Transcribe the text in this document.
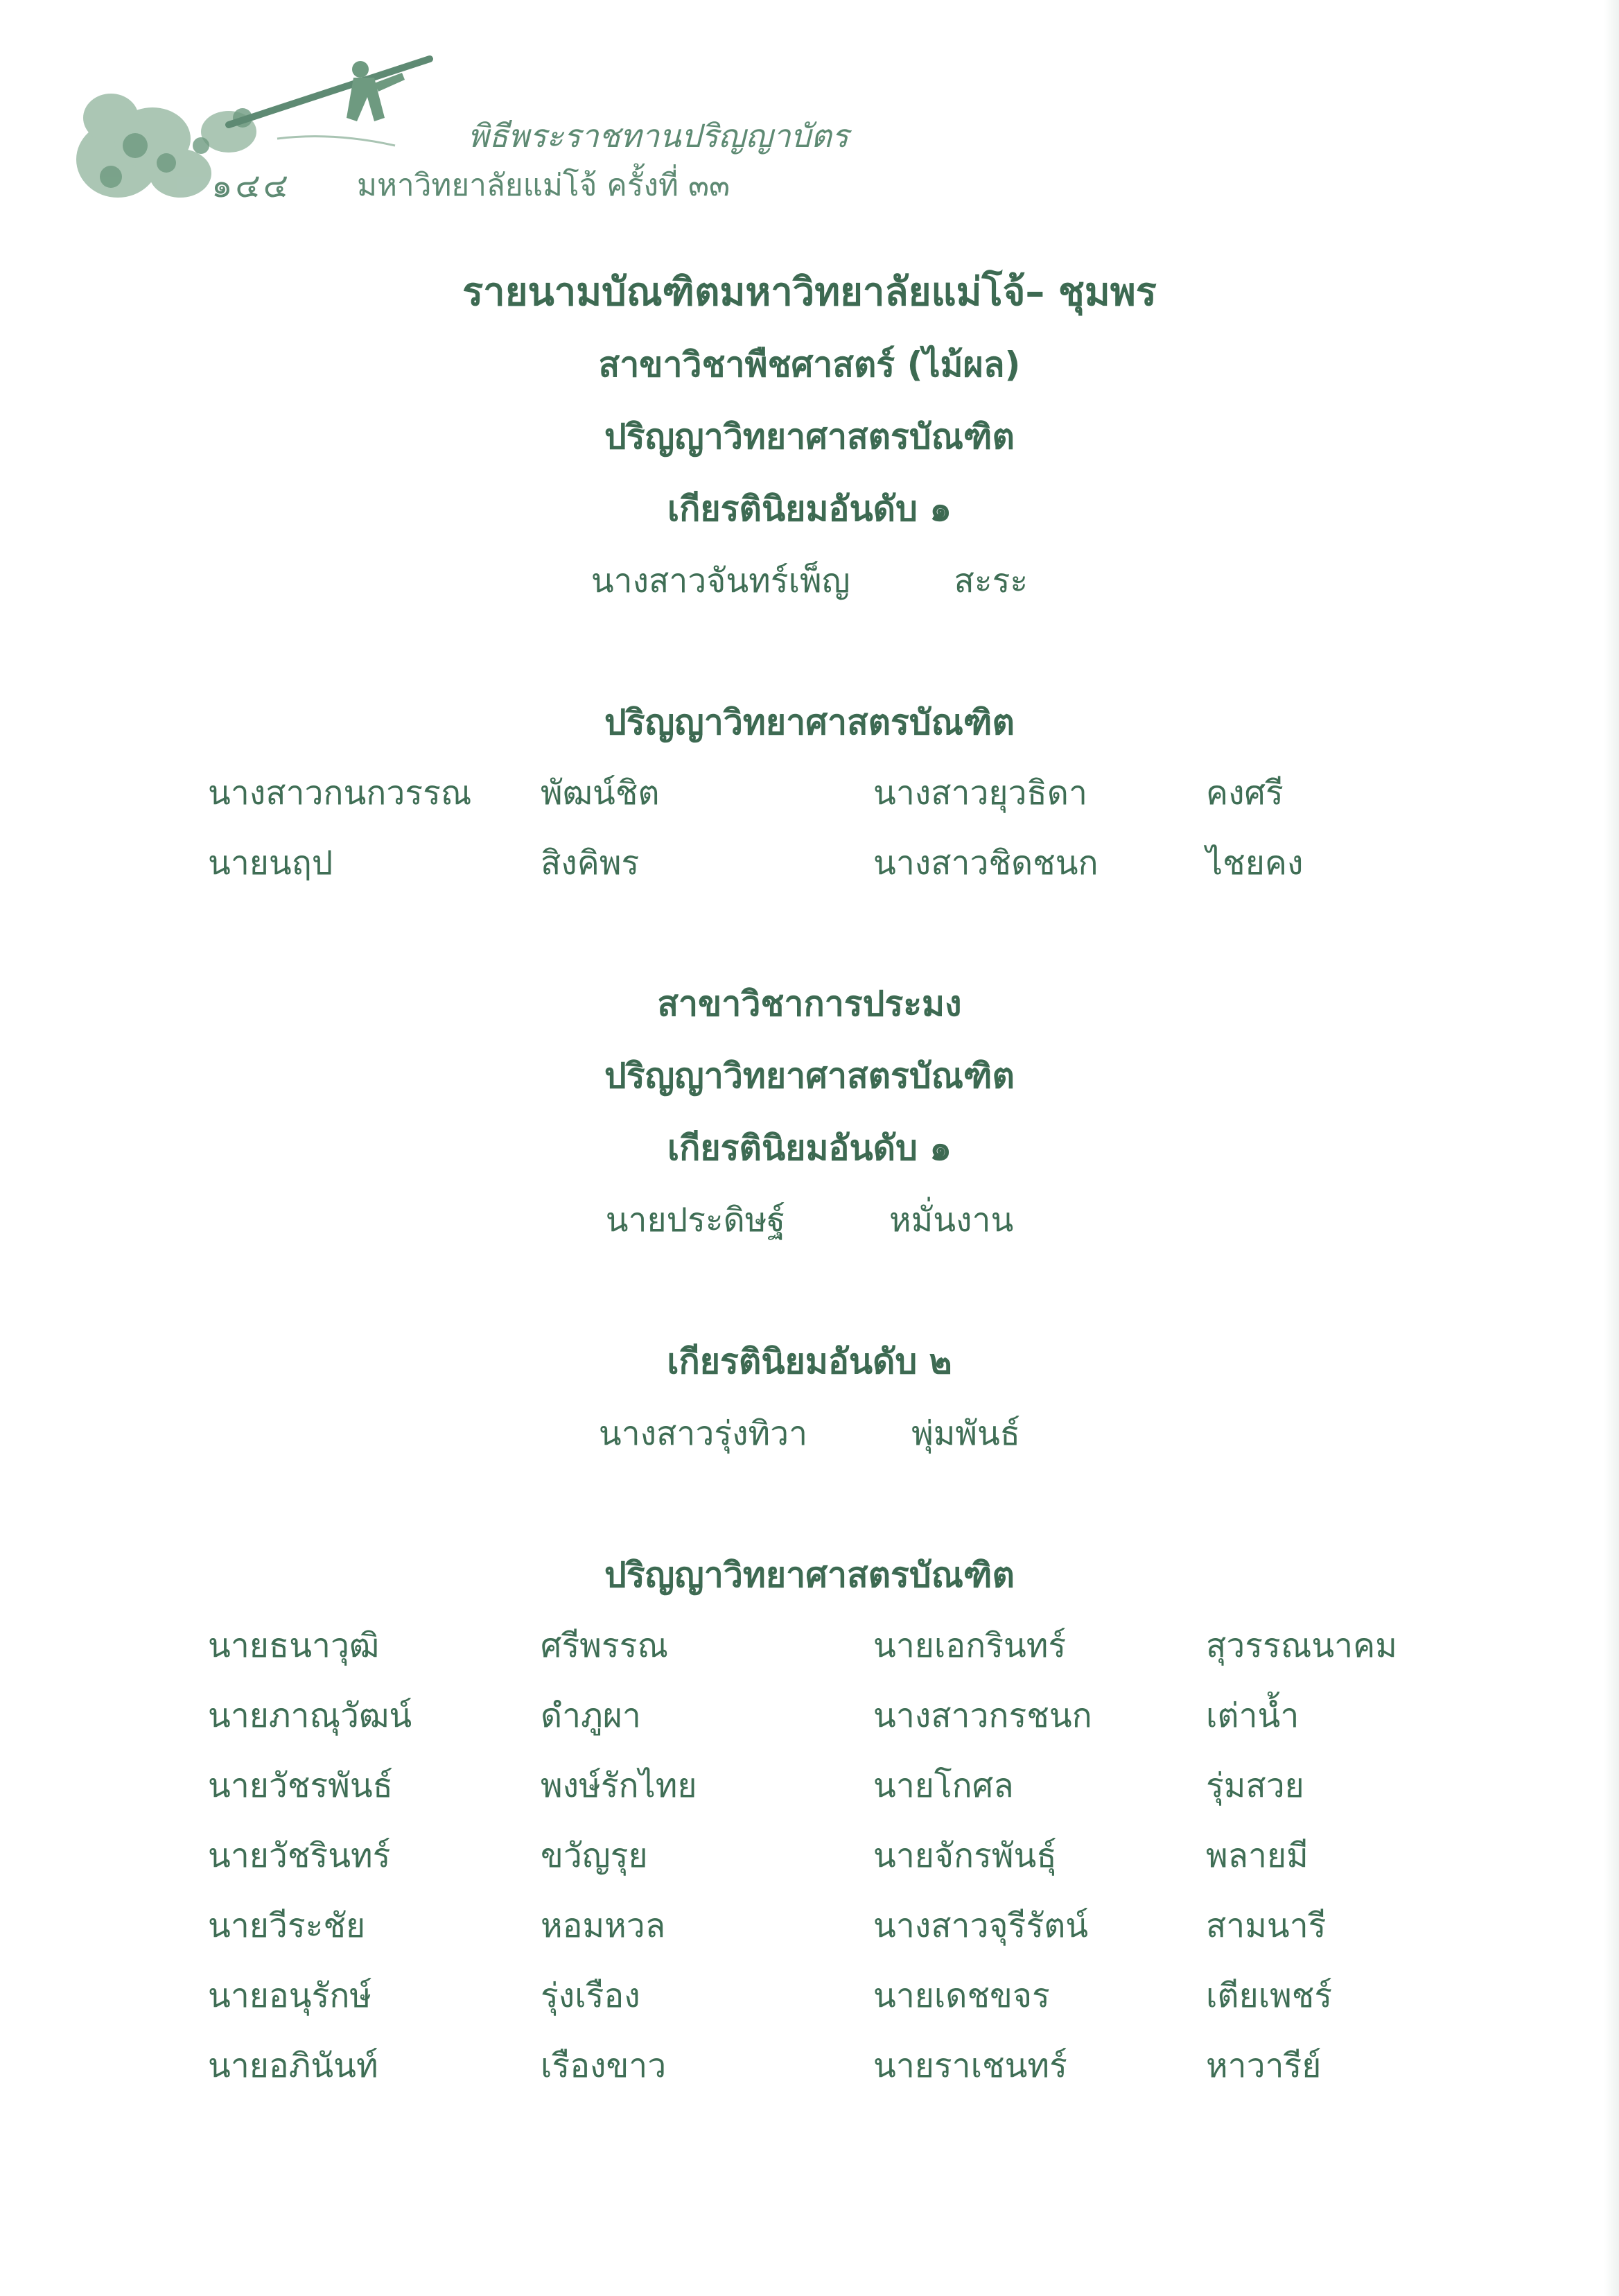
พิธีพระราชทานปริญญาบัตร
๑๔๔ มหาวิทยาลัยแม่โจ้ ครั้งที่ ๓๓
รายนามบัณฑิตมหาวิทยาลัยแม่โจ้– ชุมพร
สาขาวิชาพืชศาสตร์ (ไม้ผล)
ปริญญาวิทยาศาสตรบัณฑิต
เกียรตินิยมอันดับ ๑
นางสาวจันทร์เพ็ญ	สะระ
ปริญญาวิทยาศาสตรบัณฑิต
นางสาวกนกวรรณ	พัฒน์ชิต	นางสาวยุวธิดา	คงศรี
นายนฤป	สิงคิพร	นางสาวชิดชนก	ไชยคง
สาขาวิชาการประมง
ปริญญาวิทยาศาสตรบัณฑิต
เกียรตินิยมอันดับ ๑
นายประดิษฐ์	หมั่นงาน
เกียรตินิยมอันดับ ๒
นางสาวรุ่งทิวา	พุ่มพันธ์
ปริญญาวิทยาศาสตรบัณฑิต
นายธนาวุฒิ	ศรีพรรณ	นายเอกรินทร์	สุวรรณนาคม
นายภาณุวัฒน์	ดำภูผา	นางสาวกรชนก	เต่าน้ำ
นายวัชรพันธ์	พงษ์รักไทย	นายโกศล	รุ่มสวย
นายวัชรินทร์	ขวัญรุย	นายจักรพันธุ์	พลายมี
นายวีระชัย	หอมหวล	นางสาวจุรีรัตน์	สามนารี
นายอนุรักษ์	รุ่งเรือง	นายเดชขจร	เตียเพชร์
นายอภินันท์	เรืองขาว	นายราเชนทร์	หาวารีย์
